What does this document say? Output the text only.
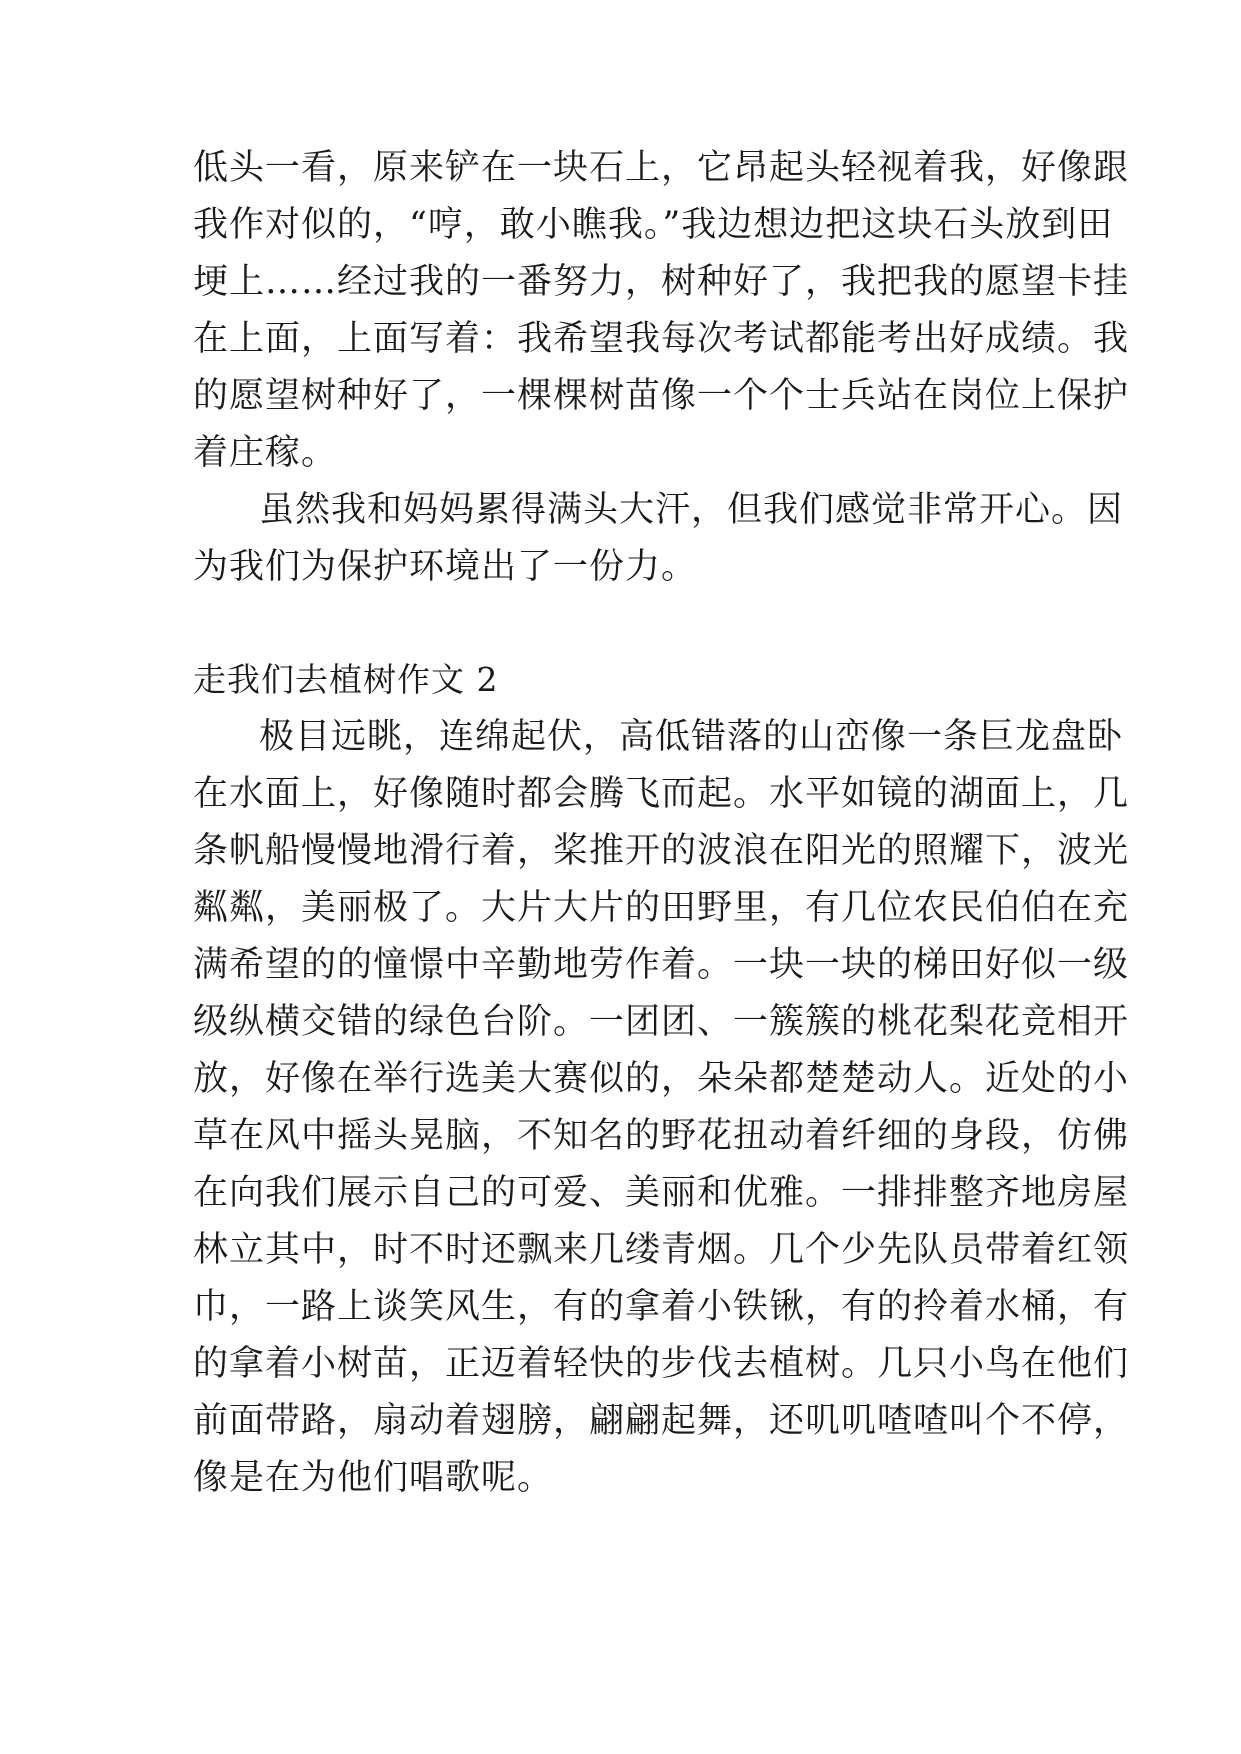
低头一看，原来铲在一块石上，它昂起头轻视着我，好像跟
我作对似的，“哼，敢小瞧我。”我边想边把这块石头放到田
埂上……经过我的一番努力，树种好了，我把我的愿望卡挂
在上面，上面写着：我希望我每次考试都能考出好成绩。我
的愿望树种好了，一棵棵树苗像一个个士兵站在岗位上保护
着庄稼。
虽然我和妈妈累得满头大汗，但我们感觉非常开心。因
为我们为保护环境出了一份力。
走我们去植树作文 2
极目远眺，连绵起伏，高低错落的山峦像一条巨龙盘卧
在水面上，好像随时都会腾飞而起。水平如镜的湖面上，几
条帆船慢慢地滑行着，桨推开的波浪在阳光的照耀下，波光
粼粼，美丽极了。大片大片的田野里，有几位农民伯伯在充
满希望的的憧憬中辛勤地劳作着。一块一块的梯田好似一级
级纵横交错的绿色台阶。一团团、一簇簇的桃花梨花竞相开
放，好像在举行选美大赛似的，朵朵都楚楚动人。近处的小
草在风中摇头晃脑，不知名的野花扭动着纤细的身段，仿佛
在向我们展示自己的可爱、美丽和优雅。一排排整齐地房屋
林立其中，时不时还飘来几缕青烟。几个少先队员带着红领
巾，一路上谈笑风生，有的拿着小铁锹，有的拎着水桶，有
的拿着小树苗，正迈着轻快的步伐去植树。几只小鸟在他们
前面带路，扇动着翅膀，翩翩起舞，还叽叽喳喳叫个不停，
像是在为他们唱歌呢。
